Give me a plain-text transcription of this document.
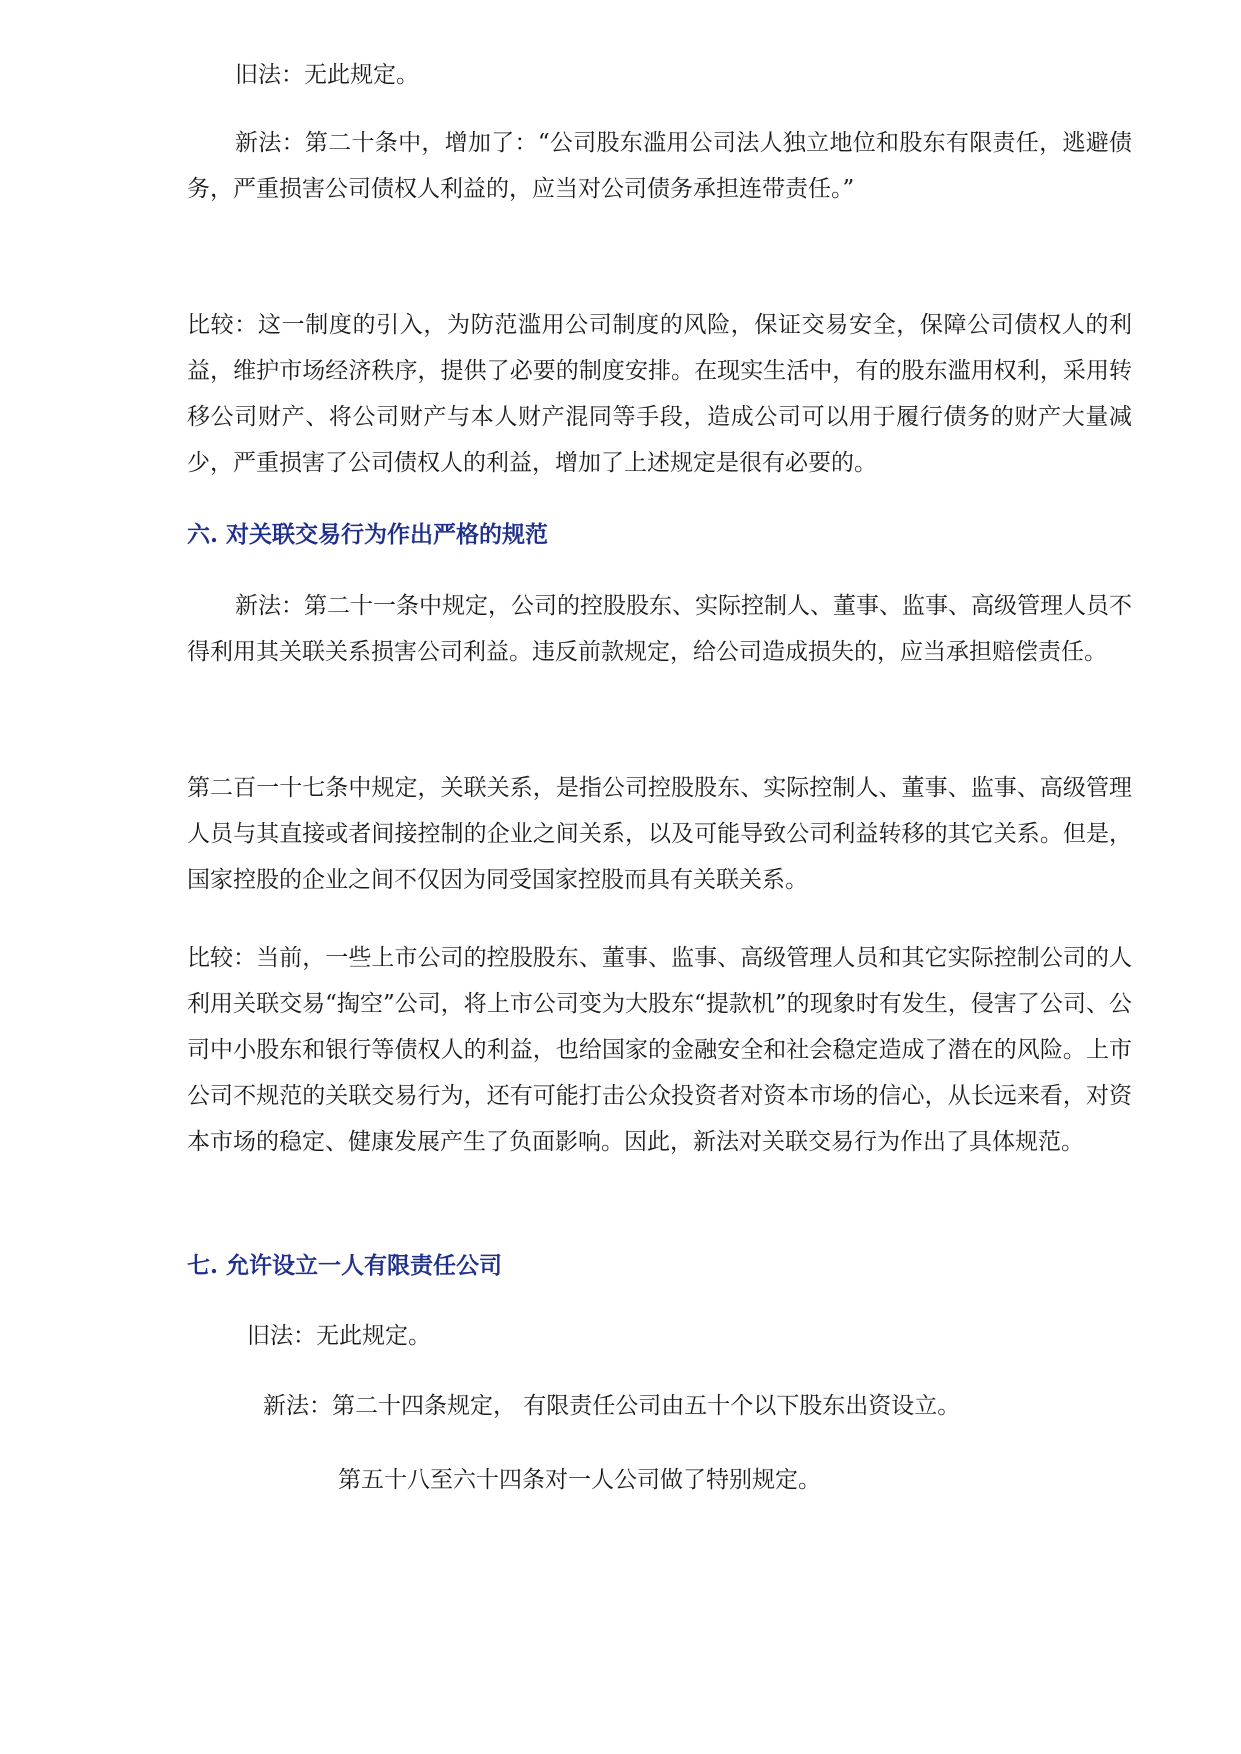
旧法：无此规定。

新法：第二十条中，增加了：“公司股东滥用公司法人独立地位和股东有限责任，逃避债务，严重损害公司债权人利益的，应当对公司债务承担连带责任。”

比较：这一制度的引入，为防范滥用公司制度的风险，保证交易安全，保障公司债权人的利益，维护市场经济秩序，提供了必要的制度安排。在现实生活中，有的股东滥用权利，采用转移公司财产、将公司财产与本人财产混同等手段，造成公司可以用于履行债务的财产大量减少，严重损害了公司债权人的利益，增加了上述规定是很有必要的。

六. 对关联交易行为作出严格的规范

新法：第二十一条中规定，公司的控股股东、实际控制人、董事、监事、高级管理人员不得利用其关联关系损害公司利益。违反前款规定，给公司造成损失的，应当承担赔偿责任。

第二百一十七条中规定，关联关系，是指公司控股股东、实际控制人、董事、监事、高级管理人员与其直接或者间接控制的企业之间关系，以及可能导致公司利益转移的其它关系。但是，国家控股的企业之间不仅因为同受国家控股而具有关联关系。

比较：当前，一些上市公司的控股股东、董事、监事、高级管理人员和其它实际控制公司的人利用关联交易“掏空”公司，将上市公司变为大股东“提款机”的现象时有发生，侵害了公司、公司中小股东和银行等债权人的利益，也给国家的金融安全和社会稳定造成了潜在的风险。上市公司不规范的关联交易行为，还有可能打击公众投资者对资本市场的信心，从长远来看，对资本市场的稳定、健康发展产生了负面影响。因此，新法对关联交易行为作出了具体规范。

七. 允许设立一人有限责任公司

旧法：无此规定。

新法：第二十四条规定， 有限责任公司由五十个以下股东出资设立。

第五十八至六十四条对一人公司做了特别规定。
